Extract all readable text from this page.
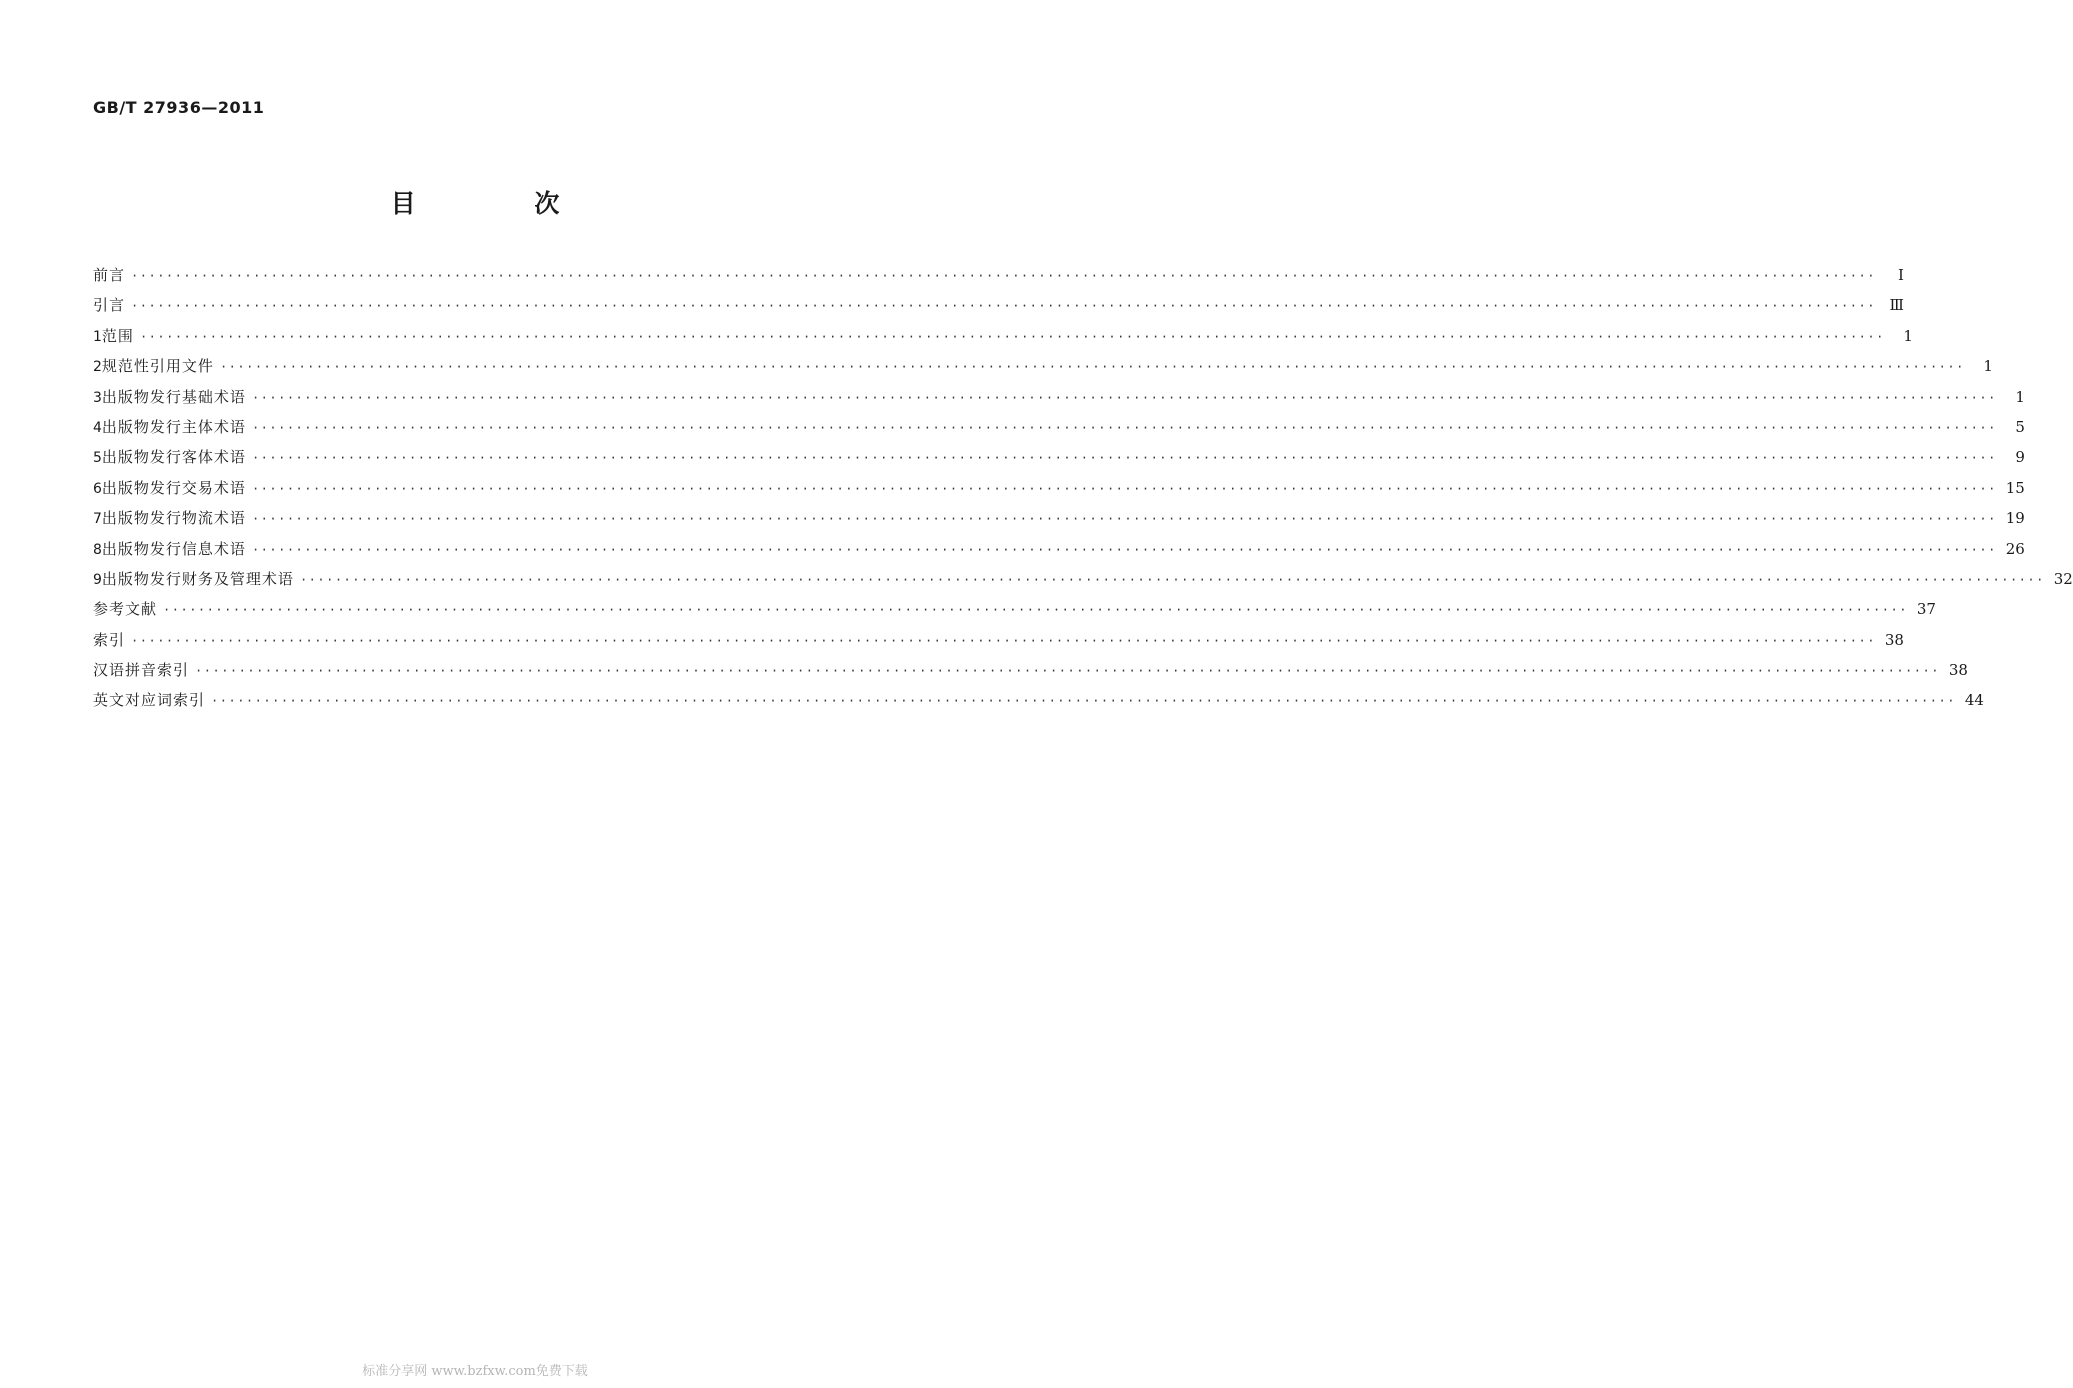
GB/T 27936—2011
目 次
前言 ········································································································································································································	Ⅰ
引言 ········································································································································································································ Ⅲ
1 范围 ········································································································································································································	1
2 规范性引用文件 ········································································································································································································	1
3 出版物发行基础术语 ········································································································································································································	1
4 出版物发行主体术语 ········································································································································································································	5
5 出版物发行客体术语 ········································································································································································································	9
6 出版物发行交易术语 ········································································································································································································ 15
7 出版物发行物流术语 ········································································································································································································ 19
8 出版物发行信息术语 ········································································································································································································ 26
9 出版物发行财务及管理术语 ········································································································································································································ 32
参考文献 ········································································································································································································ 37
索引 ········································································································································································································ 38
汉语拼音索引 ········································································································································································································ 38
英文对应词索引 ········································································································································································································ 44
标准分享网 www.bzfxw.com免费下载
